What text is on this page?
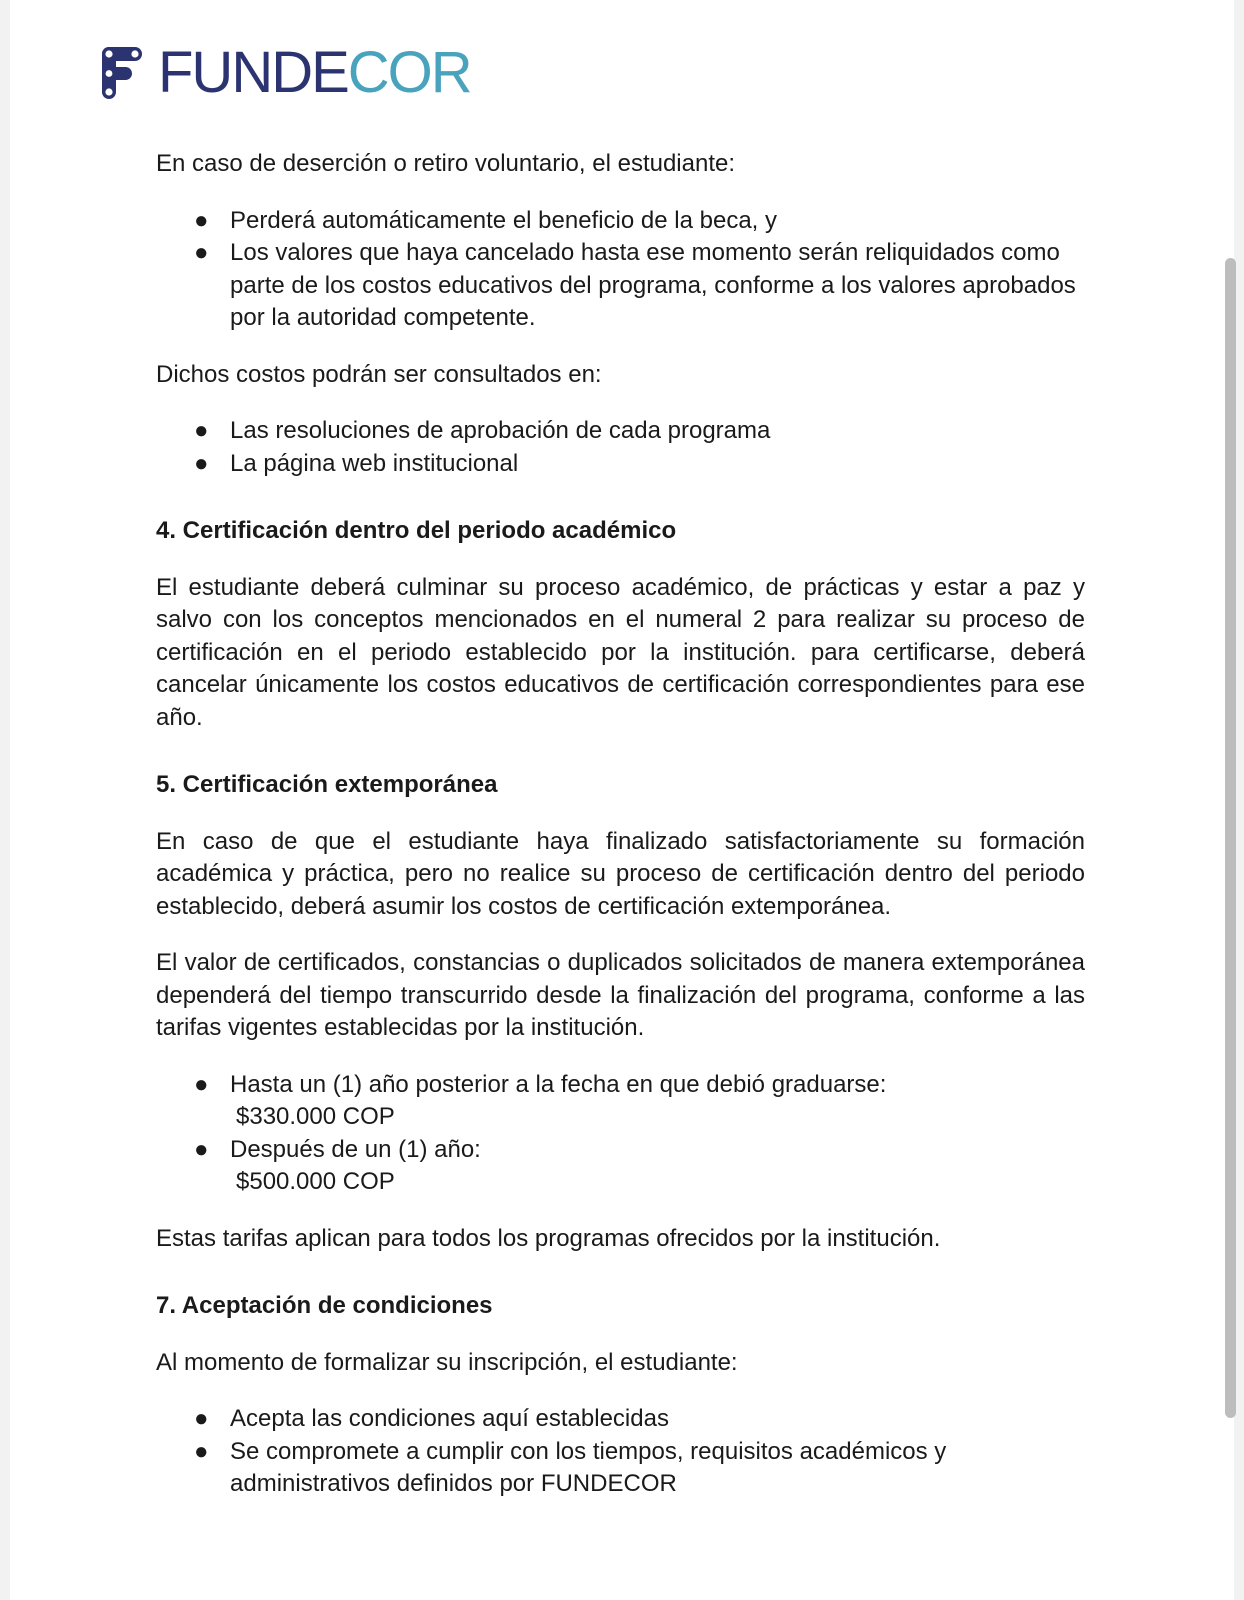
FUNDECOR

En caso de deserción o retiro voluntario, el estudiante:

● Perderá automáticamente el beneficio de la beca, y
● Los valores que haya cancelado hasta ese momento serán reliquidados como parte de los costos educativos del programa, conforme a los valores aprobados por la autoridad competente.

Dichos costos podrán ser consultados en:

● Las resoluciones de aprobación de cada programa
● La página web institucional

4. Certificación dentro del periodo académico

El estudiante deberá culminar su proceso académico, de prácticas y estar a paz y salvo con los conceptos mencionados en el numeral 2 para realizar su proceso de certificación en el periodo establecido por la institución. para certificarse, deberá cancelar únicamente los costos educativos de certificación correspondientes para ese año.

5. Certificación extemporánea

En caso de que el estudiante haya finalizado satisfactoriamente su formación académica y práctica, pero no realice su proceso de certificación dentro del periodo establecido, deberá asumir los costos de certificación extemporánea.

El valor de certificados, constancias o duplicados solicitados de manera extemporánea dependerá del tiempo transcurrido desde la finalización del programa, conforme a las tarifas vigentes establecidas por la institución.

● Hasta un (1) año posterior a la fecha en que debió graduarse:
$330.000 COP
● Después de un (1) año:
$500.000 COP

Estas tarifas aplican para todos los programas ofrecidos por la institución.

7. Aceptación de condiciones

Al momento de formalizar su inscripción, el estudiante:

● Acepta las condiciones aquí establecidas
● Se compromete a cumplir con los tiempos, requisitos académicos y administrativos definidos por FUNDECOR
